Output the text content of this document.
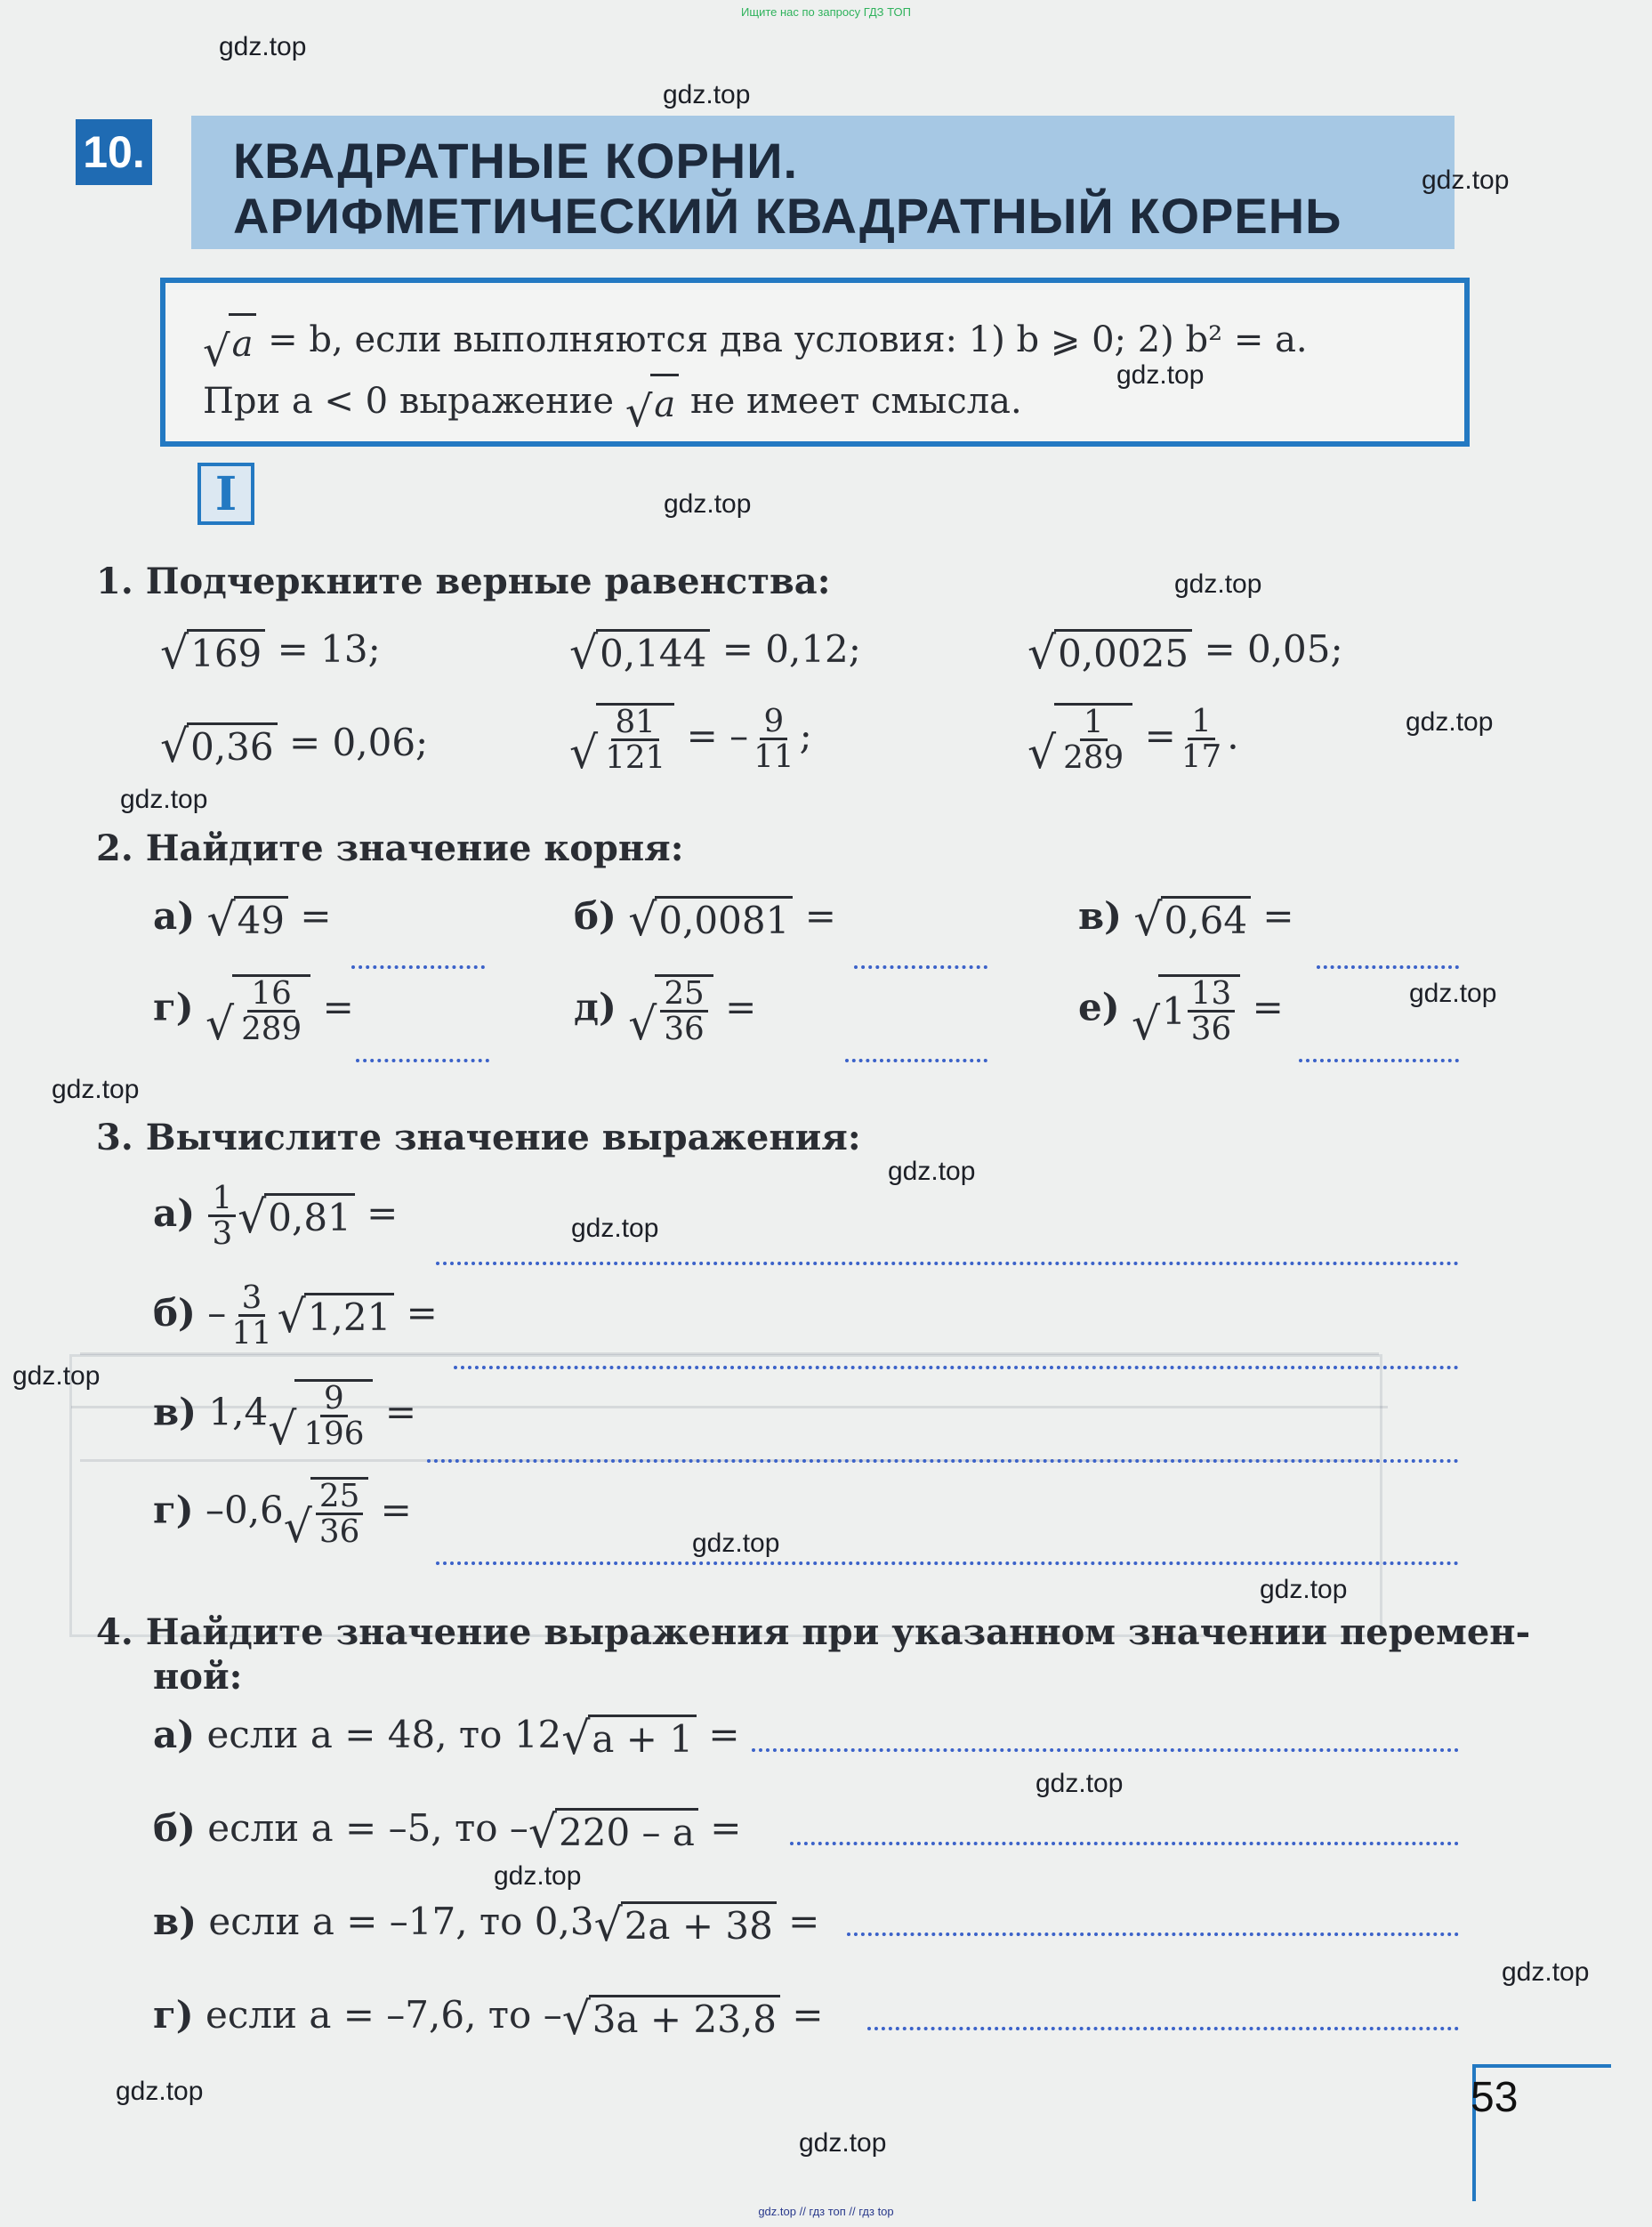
Ищите нас по запросу ГДЗ ТОП
gdz.top // гдз топ // гдз top

10. КВАДРАТНЫЕ КОРНИ.
АРИФМЕТИЧЕСКИЙ КВАДРАТНЫЙ КОРЕНЬ
√ a = b, если выполняются два условия: 1) b ⩾ 0; 2) b² = a.
При a < 0 выражение √ a не имеет смысла.
I
1. Подчеркните верные равенства:
√ 169 = 13;	√ 0,144 = 0,12;	√ 0,0025 = 0,05;
√ 0,36 = 0,06;	√ $\frac{81}{121}$ = – $\frac{9}{11}$ ;	√ $\frac{1}{289} = \frac{1}{17}$ .
2. Найдите значение корня:
а) √ 49 =	б) √ 0,0081 =	в) √ 0,64 =
г) √ $\frac{16}{289}$ =	д) √ $\frac{25}{36}$ =	е) √ $1 \frac{13}{36}$ =
3. Вычислите значение выражения:
$а) \frac{1}{3}$ √ 0,81 =
$б) - \frac{3}{11}$ √ 1,21 =
в) 1,4 √ $\frac{9}{196}$ =
г) –0,6 √ $\frac{25}{36}$ =
4. Найдите значение выражения при указанном значении перемен-
ной:
а) если a = 48, то 12 √ a + 1 =
б) если a = –5, то – √ 220 – a =
в) если a = –17, то 0,3 √ 2a + 38 =
г) если a = –7,6, то – √ 3a + 23,8 =
53
gdz.top
gdz.top
gdz.top
gdz.top
gdz.top
gdz.top
gdz.top
gdz.top
gdz.top
gdz.top
gdz.top
gdz.top
gdz.top
gdz.top
gdz.top
gdz.top
gdz.top
gdz.top
gdz.top
gdz.top
